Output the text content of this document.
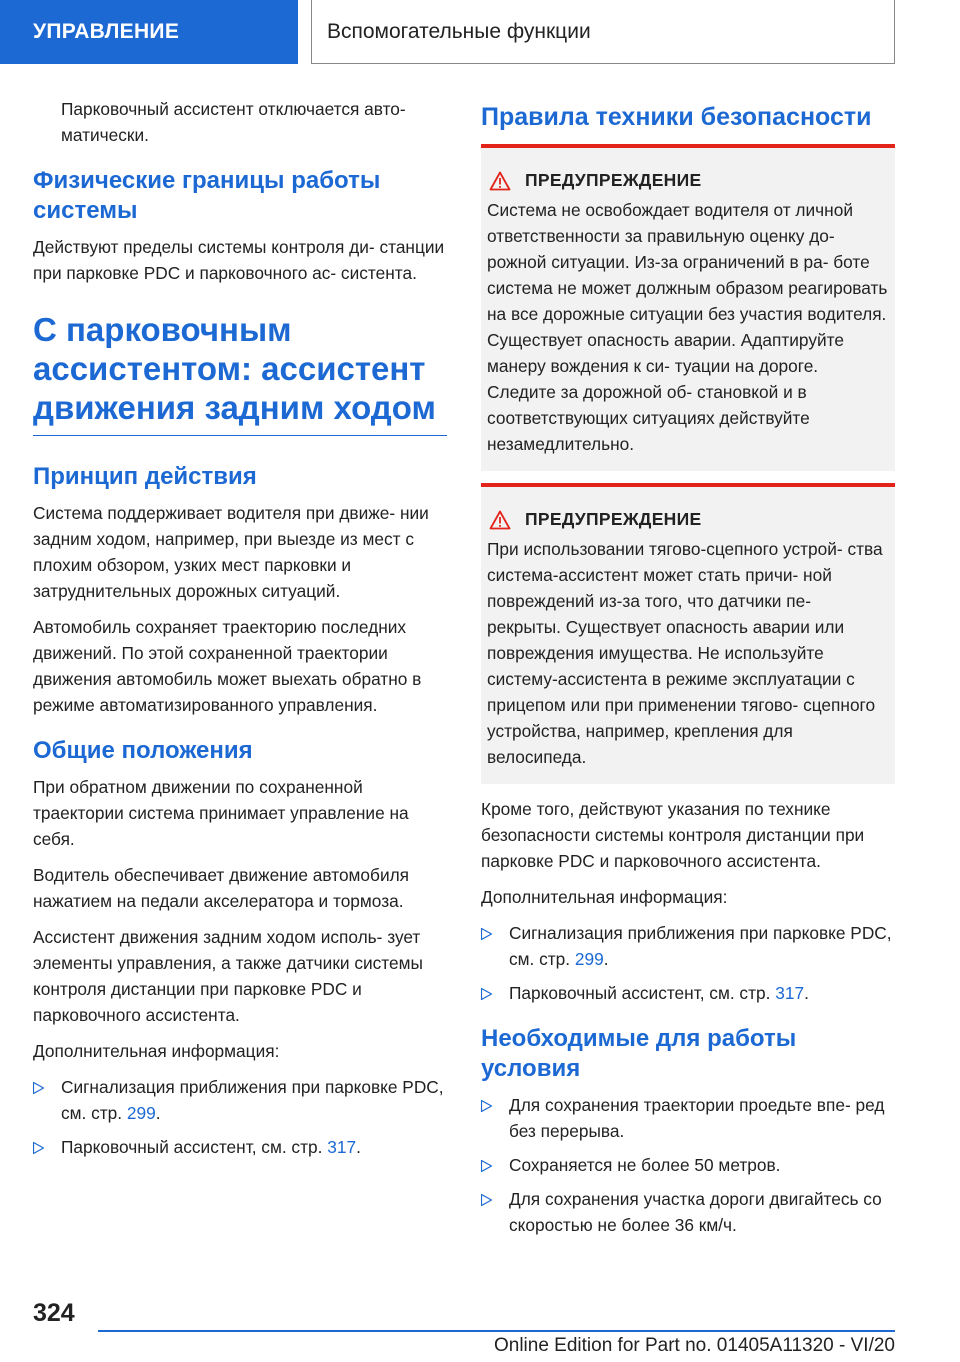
УПРАВЛЕНИЕ	Вспомогательные функции

Парковочный ассистент отключается авто- матически.

Физические границы работы системы

Действуют пределы системы контроля ди- станции при парковке PDC и парковочного ас- систента.

С парковочным ассистентом: ассистент движения задним ходом
Принцип действия

Система поддерживает водителя при движе- нии задним ходом, например, при выезде из мест с плохим обзором, узких мест парковки и затруднительных дорожных ситуаций.

Автомобиль сохраняет траекторию последних движений. По этой сохраненной траектории движения автомобиль может выехать обратно в режиме автоматизированного управления.

Общие положения

При обратном движении по сохраненной траектории система принимает управление на себя.

Водитель обеспечивает движение автомобиля нажатием на педали акселератора и тормоза.

Ассистент движения задним ходом исполь- зует элементы управления, а также датчики системы контроля дистанции при парковке PDC и парковочного ассистента.

Дополнительная информация:

Сигнализация приближения при парковке PDC, см. стр. 299.
Парковочный ассистент, см. стр. 317.
Правила техники безопасности
ПРЕДУПРЕЖДЕНИЕ

Система не освобождает водителя от личной ответственности за правильную оценку до- рожной ситуации. Из-за ограничений в ра- боте система не может должным образом реагировать на все дорожные ситуации без участия водителя. Существует опасность аварии. Адаптируйте манеру вождения к си- туации на дороге. Следите за дорожной об- становкой и в соответствующих ситуациях действуйте незамедлительно.

ПРЕДУПРЕЖДЕНИЕ

При использовании тягово-сцепного устрой- ства система-ассистент может стать причи- ной повреждений из-за того, что датчики пе- рекрыты. Существует опасность аварии или повреждения имущества. Не используйте систему-ассистента в режиме эксплуатации с прицепом или при применении тягово- сцепного устройства, например, крепления для велосипеда.

Кроме того, действуют указания по технике безопасности системы контроля дистанции при парковке PDC и парковочного ассистента.

Дополнительная информация:

Сигнализация приближения при парковке PDC, см. стр. 299.
Парковочный ассистент, см. стр. 317.
Необходимые для работы условия
Для сохранения траектории проедьте впе- ред без перерыва.
Сохраняется не более 50 метров.
Для сохранения участка дороги двигайтесь со скоростью не более 36 км/ч.
324
Online Edition for Part no. 01405A11320 - VI/20
